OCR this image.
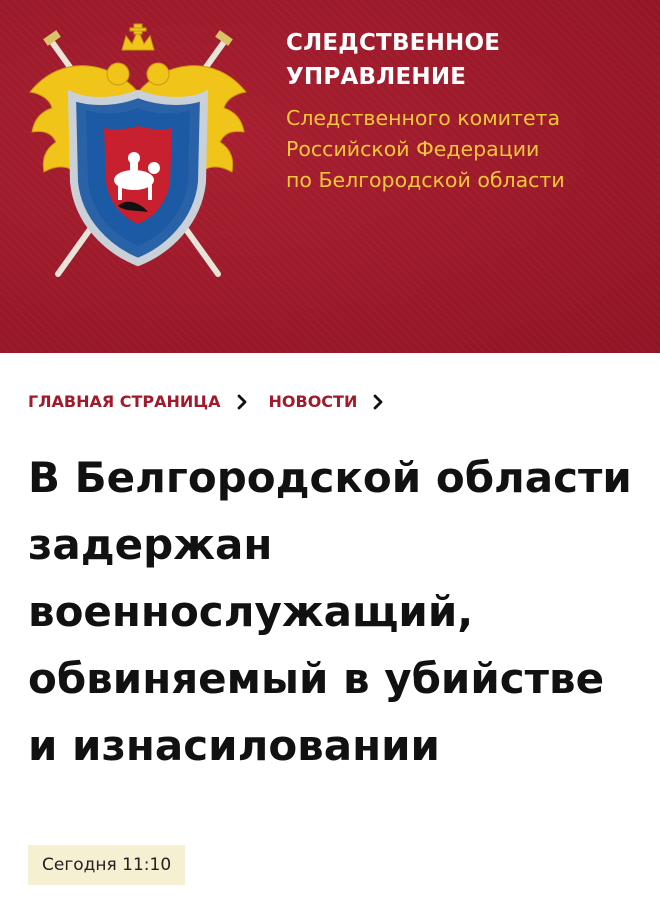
СЛЕДСТВЕННОЕ
УПРАВЛЕНИЕ
Следственного комитета
Российской Федерации
по Белгородской области
ГЛАВНАЯ СТРАНИЦА	НОВОСТИ
В Белгородской области
задержан
военнослужащий,
обвиняемый в убийстве
и изнасиловании
Сегодня 11:10
